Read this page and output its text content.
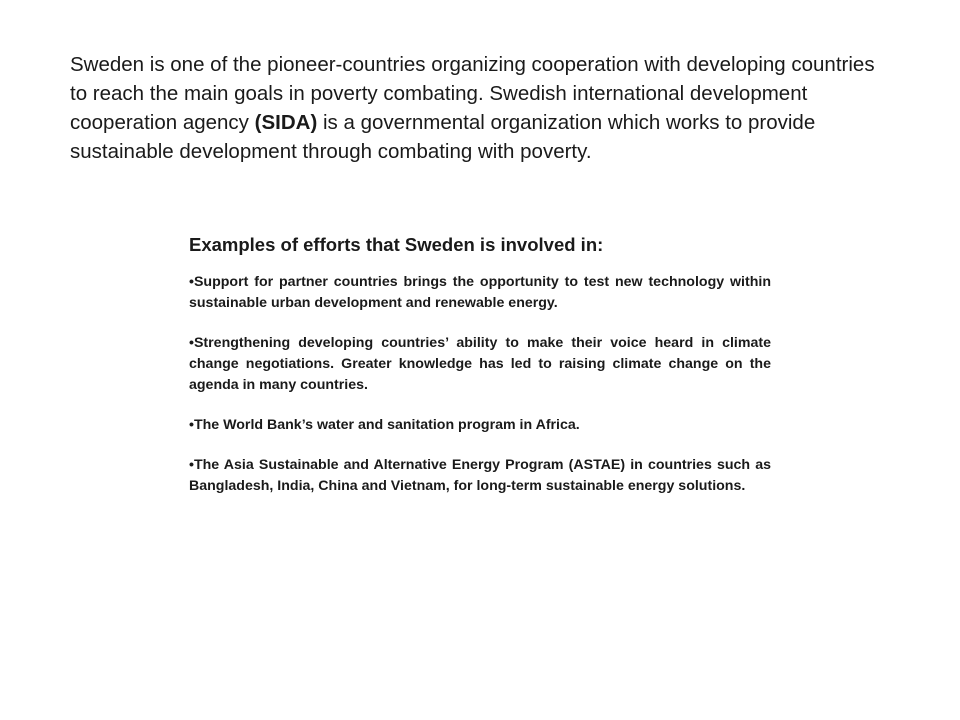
Sweden is one of the pioneer-countries organizing cooperation with developing countries to reach the main goals in poverty combating. Swedish international development cooperation agency (SIDA) is a governmental organization which works to provide sustainable development through combating with poverty.

Examples of efforts that Sweden is involved in:

•Support for partner countries brings the opportunity to test new technology within sustainable urban development and renewable energy.

•Strengthening developing countries’ ability to make their voice heard in climate change negotiations. Greater knowledge has led to raising climate change on the agenda in many countries.

•The World Bank’s water and sanitation program in Africa.

•The Asia Sustainable and Alternative Energy Program (ASTAE) in countries such as Bangladesh, India, China and Vietnam, for long-term sustainable energy solutions.
